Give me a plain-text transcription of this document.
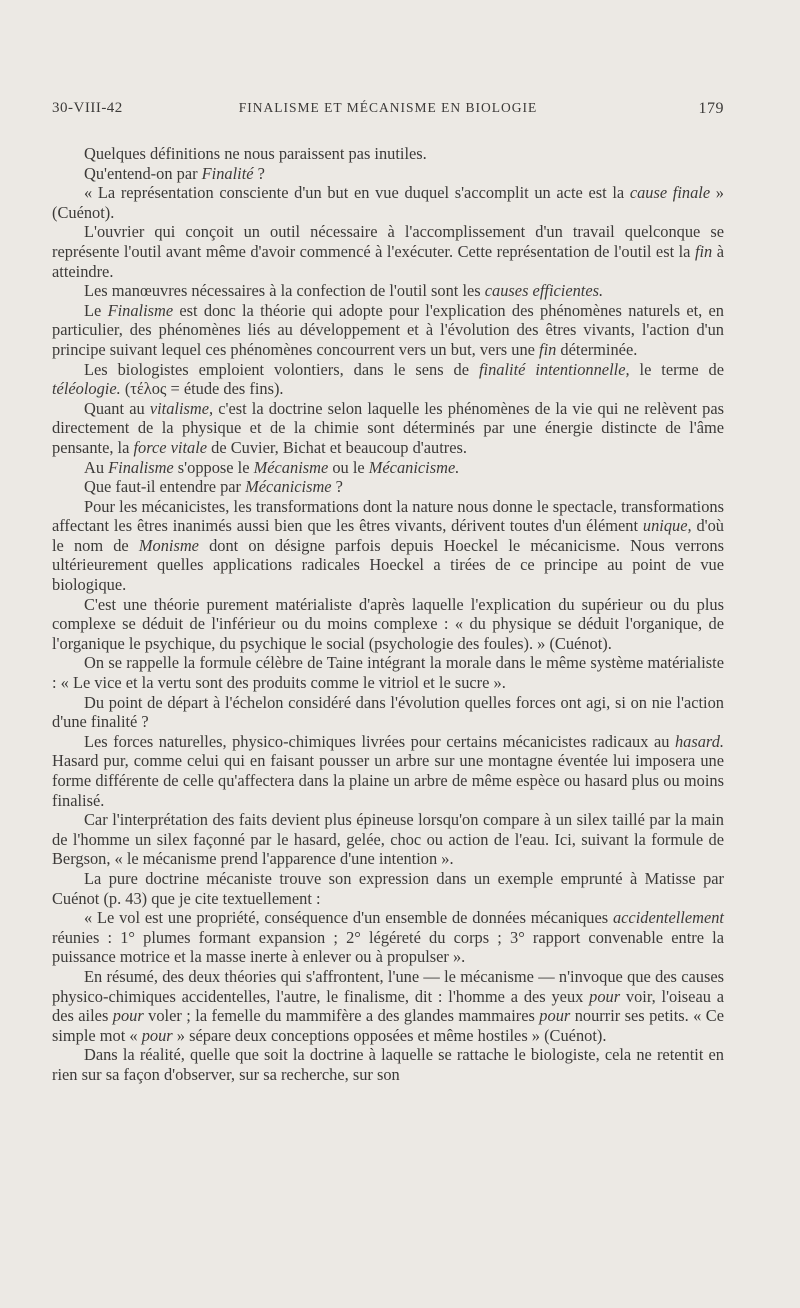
30-VIII-42	FINALISME ET MÉCANISME EN BIOLOGIE	179

Quelques définitions ne nous paraissent pas inutiles.

Qu'entend-on par Finalité ?

« La représentation consciente d'un but en vue duquel s'accomplit un acte est la cause finale » (Cuénot).

L'ouvrier qui conçoit un outil nécessaire à l'accomplissement d'un travail quelconque se représente l'outil avant même d'avoir commencé à l'exécuter. Cette représentation de l'outil est la fin à atteindre.

Les manœuvres nécessaires à la confection de l'outil sont les causes efficientes.

Le Finalisme est donc la théorie qui adopte pour l'explication des phénomènes naturels et, en particulier, des phénomènes liés au développement et à l'évolution des êtres vivants, l'action d'un principe suivant lequel ces phénomènes concourrent vers un but, vers une fin déterminée.

Les biologistes emploient volontiers, dans le sens de finalité intentionnelle, le terme de téléologie. (τέλος = étude des fins).

Quant au vitalisme, c'est la doctrine selon laquelle les phénomènes de la vie qui ne relèvent pas directement de la physique et de la chimie sont déterminés par une énergie distincte de l'âme pensante, la force vitale de Cuvier, Bichat et beaucoup d'autres.

Au Finalisme s'oppose le Mécanisme ou le Mécanicisme.

Que faut-il entendre par Mécanicisme ?

Pour les mécanicistes, les transformations dont la nature nous donne le spectacle, transformations affectant les êtres inanimés aussi bien que les êtres vivants, dérivent toutes d'un élément unique, d'où le nom de Monisme dont on désigne parfois depuis Hoeckel le mécanicisme. Nous verrons ultérieurement quelles applications radicales Hoeckel a tirées de ce principe au point de vue biologique.

C'est une théorie purement matérialiste d'après laquelle l'explication du supérieur ou du plus complexe se déduit de l'inférieur ou du moins complexe : « du physique se déduit l'organique, de l'organique le psychique, du psychique le social (psychologie des foules). » (Cuénot).

On se rappelle la formule célèbre de Taine intégrant la morale dans le même système matérialiste : « Le vice et la vertu sont des produits comme le vitriol et le sucre ».

Du point de départ à l'échelon considéré dans l'évolution quelles forces ont agi, si on nie l'action d'une finalité ?

Les forces naturelles, physico-chimiques livrées pour certains mécanicistes radicaux au hasard. Hasard pur, comme celui qui en faisant pousser un arbre sur une montagne éventée lui imposera une forme différente de celle qu'affectera dans la plaine un arbre de même espèce ou hasard plus ou moins finalisé.

Car l'interprétation des faits devient plus épineuse lorsqu'on compare à un silex taillé par la main de l'homme un silex façonné par le hasard, gelée, choc ou action de l'eau. Ici, suivant la formule de Bergson, « le mécanisme prend l'apparence d'une intention ».

La pure doctrine mécaniste trouve son expression dans un exemple emprunté à Matisse par Cuénot (p. 43) que je cite textuellement :

« Le vol est une propriété, conséquence d'un ensemble de données mécaniques accidentellement réunies : 1° plumes formant expansion ; 2° légéreté du corps ; 3° rapport convenable entre la puissance motrice et la masse inerte à enlever ou à propulser ».

En résumé, des deux théories qui s'affrontent, l'une — le mécanisme — n'invoque que des causes physico-chimiques accidentelles, l'autre, le finalisme, dit : l'homme a des yeux pour voir, l'oiseau a des ailes pour voler ; la femelle du mammifère a des glandes mammaires pour nourrir ses petits. « Ce simple mot « pour » sépare deux conceptions opposées et même hostiles » (Cuénot).

Dans la réalité, quelle que soit la doctrine à laquelle se rattache le biologiste, cela ne retentit en rien sur sa façon d'observer, sur sa recherche, sur son
